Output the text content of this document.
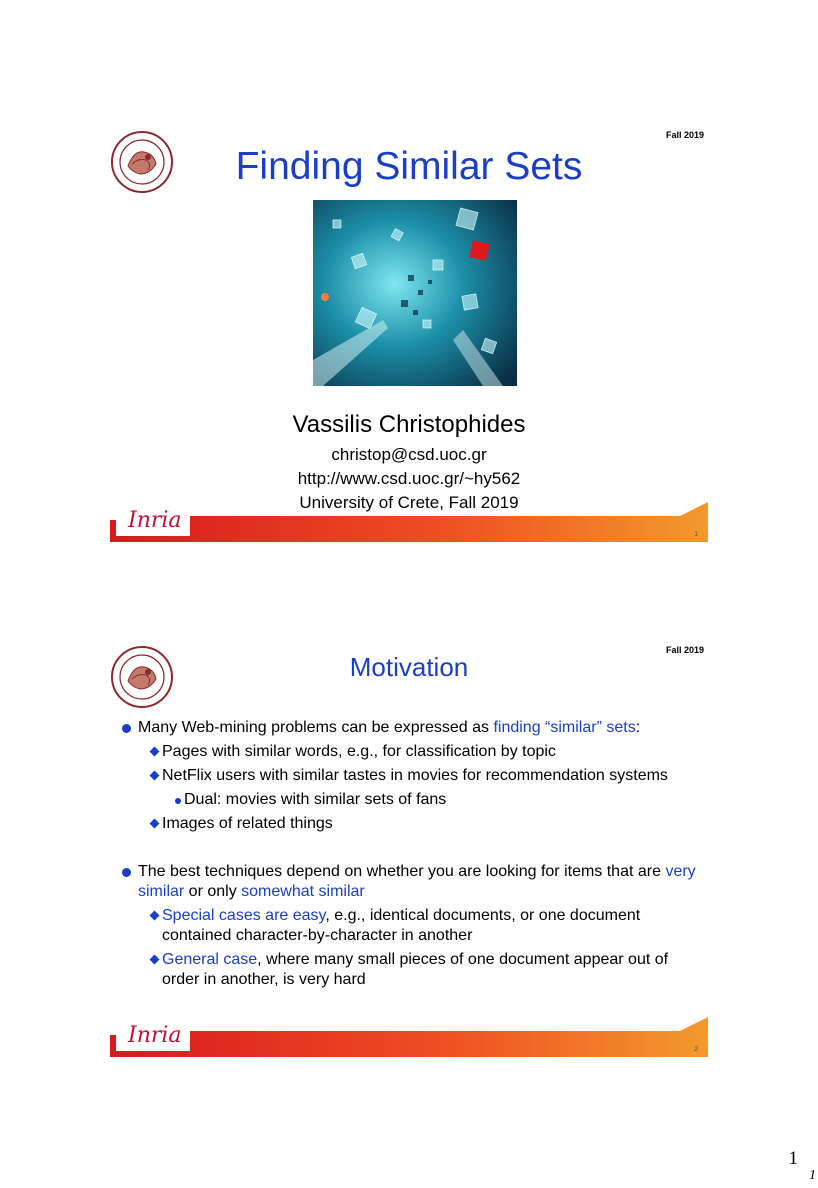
Fall 2019
Finding Similar Sets
Vassilis Christophides
christop@csd.uoc.gr
http://www.csd.uoc.gr/~hy562
University of Crete, Fall 2019
Inria
1
Fall 2019
Motivation
Many Web-mining problems can be expressed as finding “similar” sets:
Pages with similar words, e.g., for classification by topic
NetFlix users with similar tastes in movies for recommendation systems
Dual: movies with similar sets of fans
Images of related things
The best techniques depend on whether you are looking for items that are very similar or only somewhat similar
Special cases are easy, e.g., identical documents, or one document contained character-by-character in another
General case, where many small pieces of one document appear out of order in another, is very hard
Inria
2
1
1
